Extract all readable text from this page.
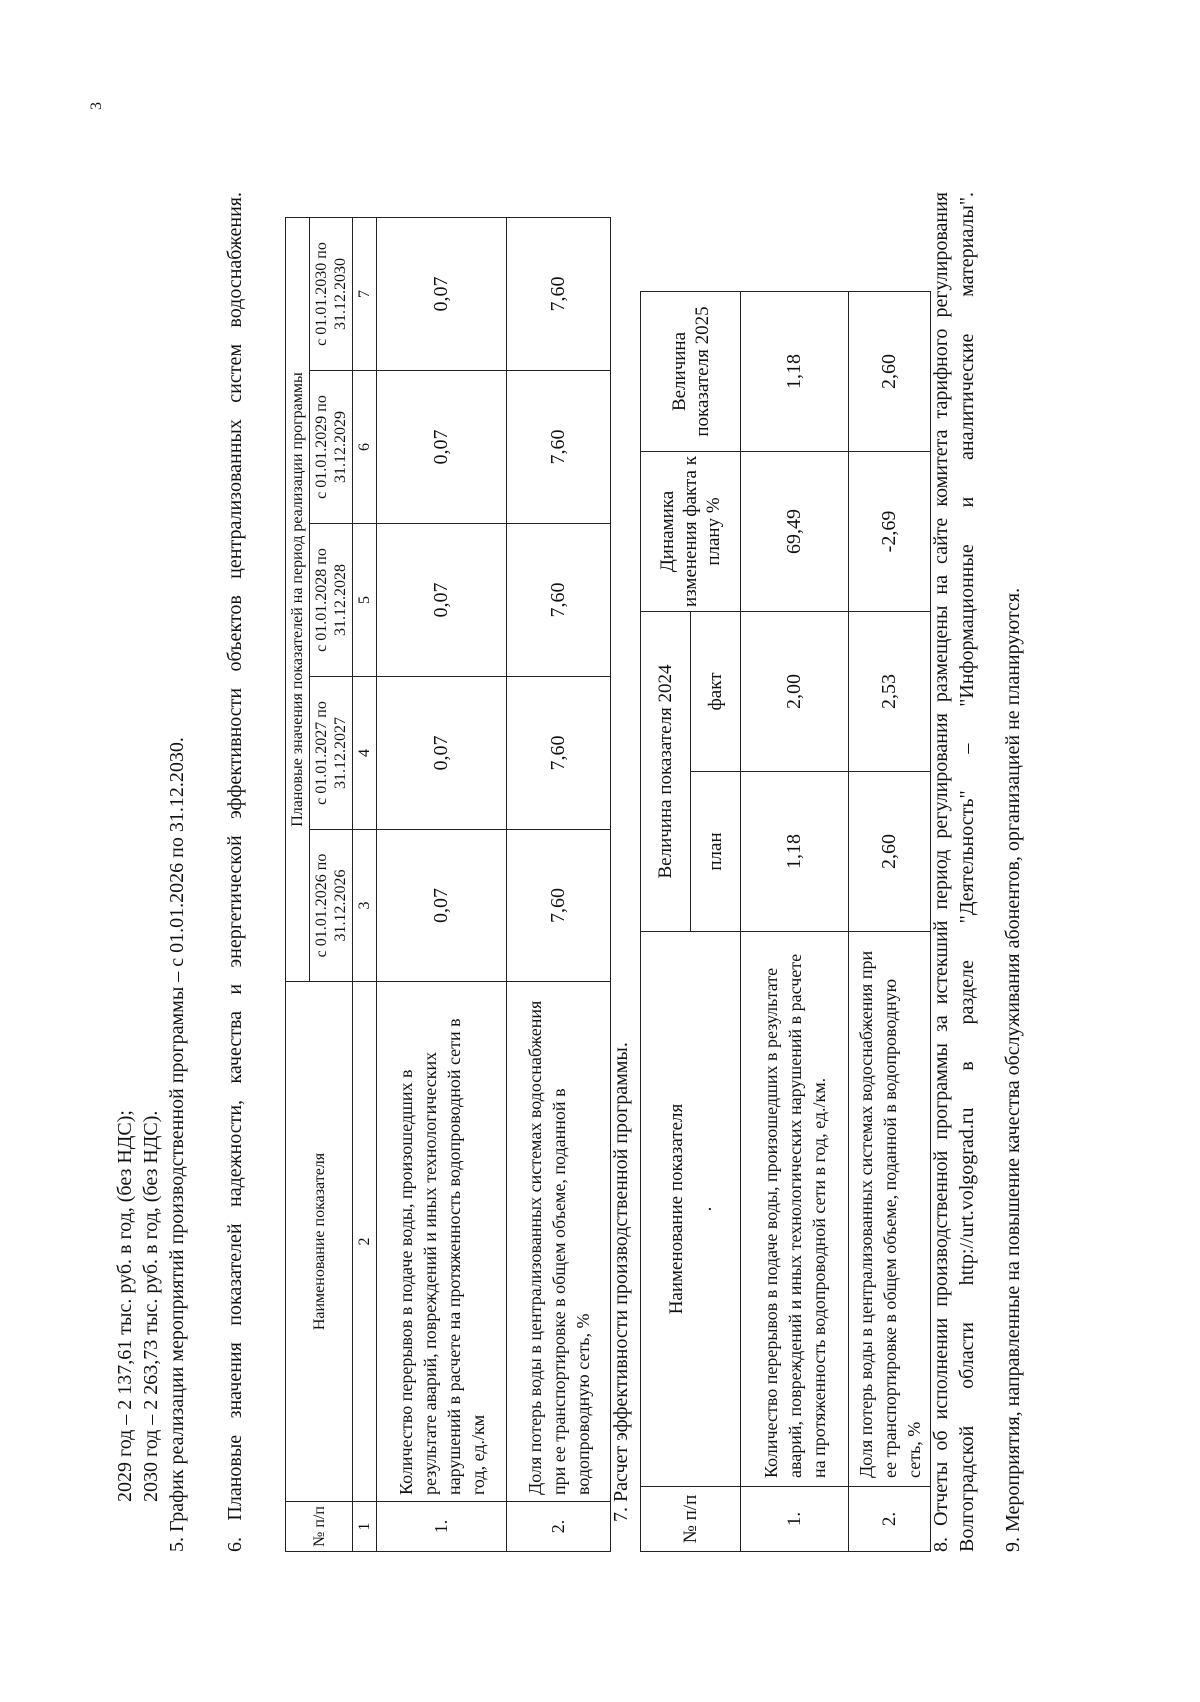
3
2029 год – 2 137,61 тыс. руб. в год, (без НДС); 2030 год – 2 263,73 тыс. руб. в год, (без НДС). 5. График реализации мероприятий производственной программы – с 01.01.2026 по 31.12.2030. 6. Плановые значения показателей надежности, качества и энергетической эффективности объектов централизованных систем водоснабжения.	№ п/п	Наименование показателя	Плановые значения показателей на период реализации программы				
		с 01.01.2026 по 31.12.2026	с 01.01.2027 по 31.12.2027	с 01.01.2028 по 31.12.2028	с 01.01.2029 по 31.12.2029	с 01.01.2030 по 31.12.2030
1	2	3	4	5	6	7
1.	Количество перерывов в подаче воды, произошедших в результате аварий, повреждений и иных технологических нарушений в расчете на протяженность водопроводной сети в год, ед./км	0,07	0,07	0,07	0,07	0,07
2.	Доля потерь воды в централизованных системах водоснабжения при ее транспортировке в общем объеме, поданной в водопроводную сеть, %	7,60	7,60	7,60	7,60	7,60
7. Расчет эффективности производственной программы.	№ п/п	Наименование показателя .	Величина показателя 2024		Динамика изменения факта к плану %	Величина показателя 2025
		план	факт		
1.	Количество перерывов в подаче воды, произошедших в результате аварий, повреждений и иных технологических нарушений в расчете на протяженность водопроводной сети в год, ед./км.	1,18	2,00	69,49	1,18
2.	Доля потерь воды в централизованных системах водоснабжения при ее транспортировке в общем объеме, поданной в водопроводную сеть, %	2,60	2,53	-2,69	2,60 8. Отчеты об исполнении производственной программы за истекший период регулирования размещены на сайте комитета тарифного регулирования Волгоградской области http://urt.volgograd.ru в разделе "Деятельность" – "Информационные и аналитические материалы". 9. Мероприятия, направленные на повышение качества обслуживания абонентов, организацией не планируются.
